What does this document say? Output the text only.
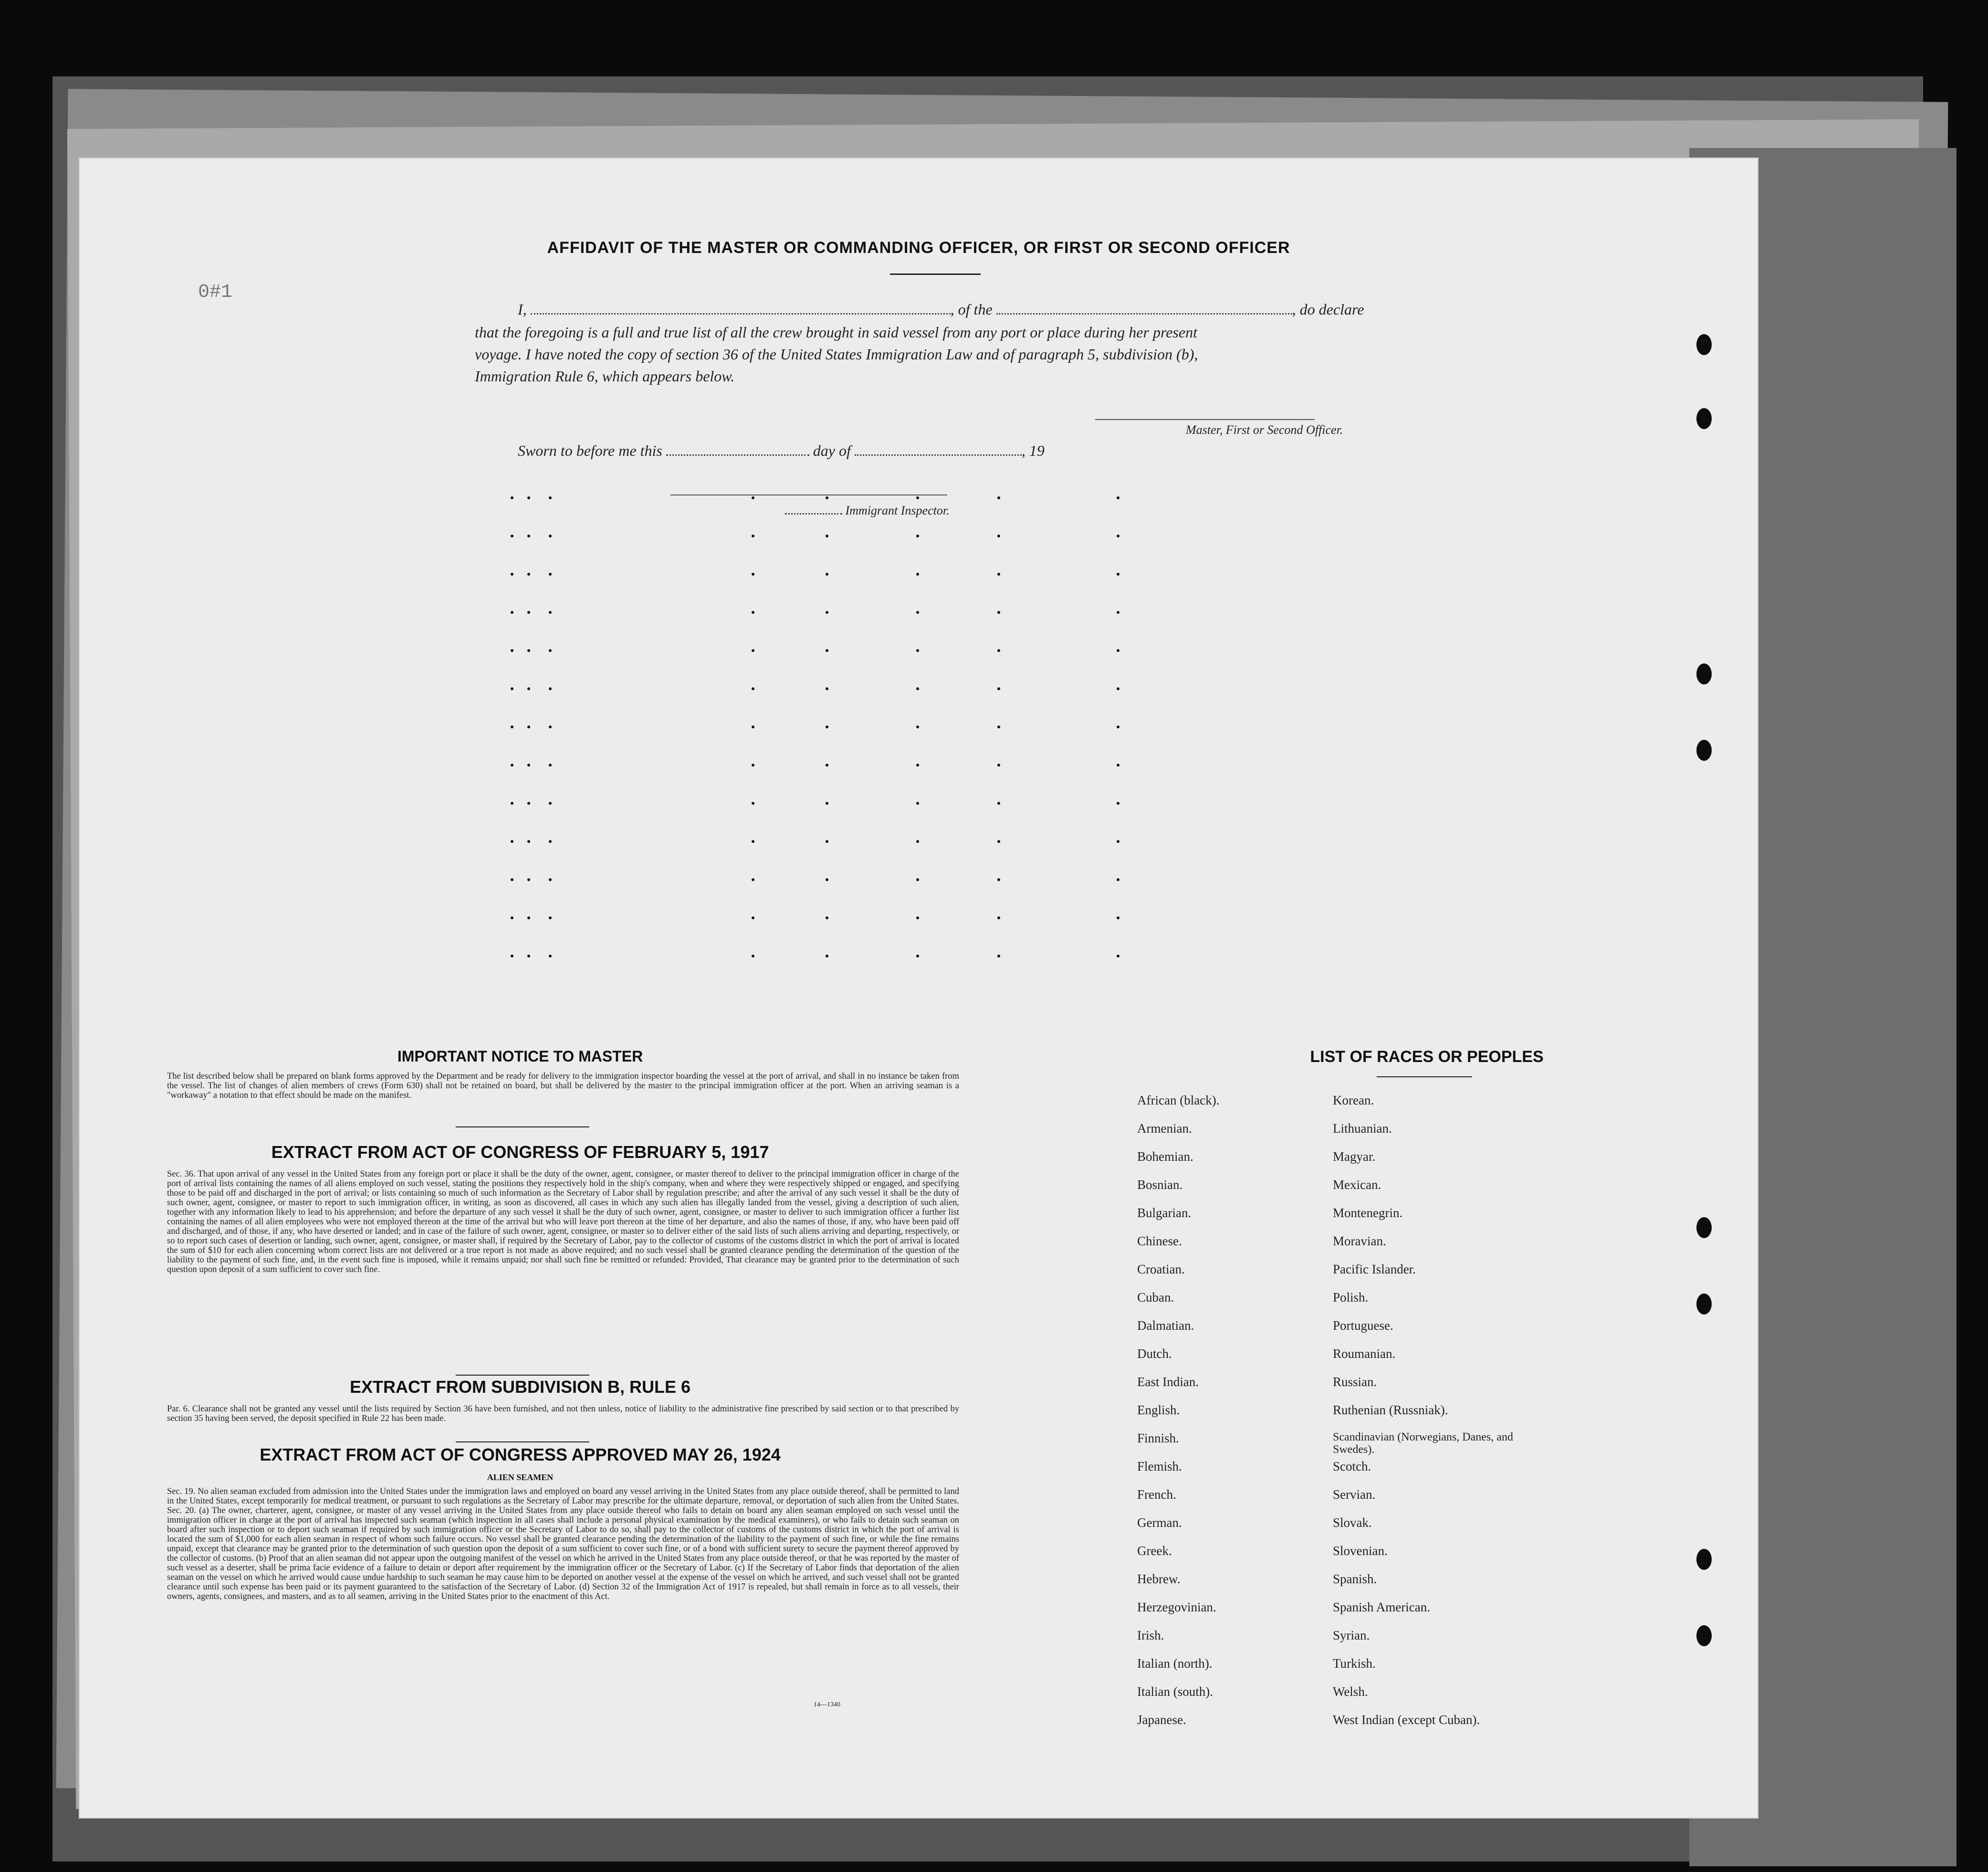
0#1
AFFIDAVIT OF THE MASTER OR COMMANDING OFFICER, OR FIRST OR SECOND OFFICER
I,	, of the	, do declare
that the foregoing is a full and true list of all the crew brought in said vessel from any port or place during her present
voyage. I have noted the copy of section 36 of the United States Immigration Law and of paragraph 5, subdivision (b),
Immigration Rule 6, which appears below.
Master, First or Second Officer.
Sworn to before me this	day of	, 19
Immigrant Inspector.
IMPORTANT NOTICE TO MASTER
The list described below shall be prepared on blank forms approved by the Department and be ready for delivery to the immigration inspector boarding the vessel at the port of arrival, and shall in no instance be taken from the vessel. The list of changes of alien members of crews (Form 630) shall not be retained on board, but shall be delivered by the master to the principal immigration officer at the port. When an arriving seaman is a "workaway" a notation to that effect should be made on the manifest.
EXTRACT FROM ACT OF CONGRESS OF FEBRUARY 5, 1917
Sec. 36. That upon arrival of any vessel in the United States from any foreign port or place it shall be the duty of the owner, agent, consignee, or master thereof to deliver to the principal immigration officer in charge of the port of arrival lists containing the names of all aliens employed on such vessel, stating the positions they respectively hold in the ship's company, when and where they were respectively shipped or engaged, and specifying those to be paid off and discharged in the port of arrival; or lists containing so much of such information as the Secretary of Labor shall by regulation prescribe; and after the arrival of any such vessel it shall be the duty of such owner, agent, consignee, or master to report to such immigration officer, in writing, as soon as discovered, all cases in which any such alien has illegally landed from the vessel, giving a description of such alien, together with any information likely to lead to his apprehension; and before the departure of any such vessel it shall be the duty of such owner, agent, consignee, or master to deliver to such immigration officer a further list containing the names of all alien employees who were not employed thereon at the time of the arrival but who will leave port thereon at the time of her departure, and also the names of those, if any, who have been paid off and discharged, and of those, if any, who have deserted or landed; and in case of the failure of such owner, agent, consignee, or master so to deliver either of the said lists of such aliens arriving and departing, respectively, or so to report such cases of desertion or landing, such owner, agent, consignee, or master shall, if required by the Secretary of Labor, pay to the collector of customs of the customs district in which the port of arrival is located the sum of $10 for each alien concerning whom correct lists are not delivered or a true report is not made as above required; and no such vessel shall be granted clearance pending the determination of the question of the liability to the payment of such fine, and, in the event such fine is imposed, while it remains unpaid; nor shall such fine be remitted or refunded: Provided, That clearance may be granted prior to the determination of such question upon deposit of a sum sufficient to cover such fine.
EXTRACT FROM SUBDIVISION B, RULE 6
Par. 6. Clearance shall not be granted any vessel until the lists required by Section 36 have been furnished, and not then unless, notice of liability to the administrative fine prescribed by said section or to that prescribed by section 35 having been served, the deposit specified in Rule 22 has been made.
EXTRACT FROM ACT OF CONGRESS APPROVED MAY 26, 1924
ALIEN SEAMEN
Sec. 19. No alien seaman excluded from admission into the United States under the immigration laws and employed on board any vessel arriving in the United States from any place outside thereof, shall be permitted to land in the United States, except temporarily for medical treatment, or pursuant to such regulations as the Secretary of Labor may prescribe for the ultimate departure, removal, or deportation of such alien from the United States. Sec. 20. (a) The owner, charterer, agent, consignee, or master of any vessel arriving in the United States from any place outside thereof who fails to detain on board any alien seaman employed on such vessel until the immigration officer in charge at the port of arrival has inspected such seaman (which inspection in all cases shall include a personal physical examination by the medical examiners), or who fails to detain such seaman on board after such inspection or to deport such seaman if required by such immigration officer or the Secretary of Labor to do so, shall pay to the collector of customs of the customs district in which the port of arrival is located the sum of $1,000 for each alien seaman in respect of whom such failure occurs. No vessel shall be granted clearance pending the determination of the liability to the payment of such fine, or while the fine remains unpaid, except that clearance may be granted prior to the determination of such question upon the deposit of a sum sufficient to cover such fine, or of a bond with sufficient surety to secure the payment thereof approved by the collector of customs. (b) Proof that an alien seaman did not appear upon the outgoing manifest of the vessel on which he arrived in the United States from any place outside thereof, or that he was reported by the master of such vessel as a deserter, shall be prima facie evidence of a failure to detain or deport after requirement by the immigration officer or the Secretary of Labor. (c) If the Secretary of Labor finds that deportation of the alien seaman on the vessel on which he arrived would cause undue hardship to such seaman he may cause him to be deported on another vessel at the expense of the vessel on which he arrived, and such vessel shall not be granted clearance until such expense has been paid or its payment guaranteed to the satisfaction of the Secretary of Labor. (d) Section 32 of the Immigration Act of 1917 is repealed, but shall remain in force as to all vessels, their owners, agents, consignees, and masters, and as to all seamen, arriving in the United States prior to the enactment of this Act.
14—1340
LIST OF RACES OR PEOPLES
African (black).
Armenian.
Bohemian.
Bosnian.
Bulgarian.
Chinese.
Croatian.
Cuban.
Dalmatian.
Dutch.
East Indian.
English.
Finnish.
Flemish.
French.
German.
Greek.
Hebrew.
Herzegovinian.
Irish.
Italian (north).
Italian (south).
Japanese.
Korean.
Lithuanian.
Magyar.
Mexican.
Montenegrin.
Moravian.
Pacific Islander.
Polish.
Portuguese.
Roumanian.
Russian.
Ruthenian (Russniak).
Scandinavian (Norwegians, Danes, and Swedes).
Scotch.
Servian.
Slovak.
Slovenian.
Spanish.
Spanish American.
Syrian.
Turkish.
Welsh.
West Indian (except Cuban).
